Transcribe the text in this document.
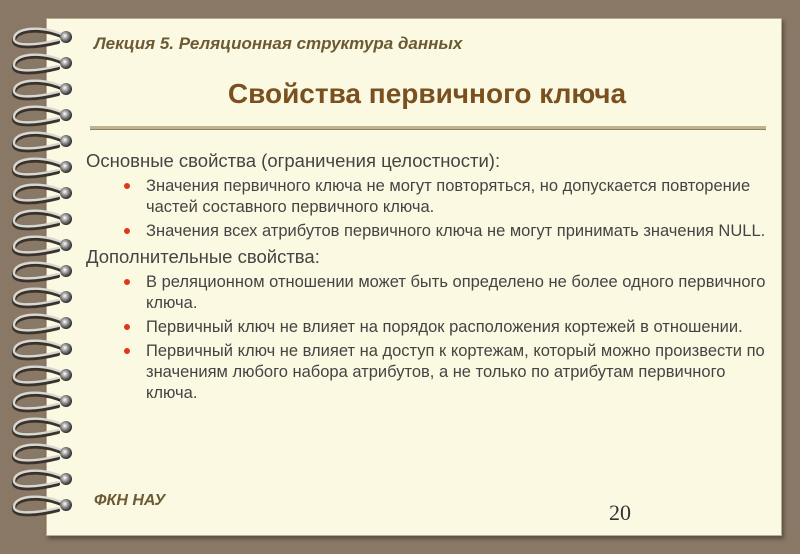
Лекция 5. Реляционная структура данных

Свойства первичного ключа

Основные свойства (ограничения целостности):

Значения первичного ключа не могут повторяться, но допускается повторение частей составного первичного ключа.
Значения всех атрибутов первичного ключа не могут принимать значения NULL.

Дополнительные свойства:

В реляционном отношении может быть определено не более одного первичного ключа.
Первичный ключ не влияет на порядок расположения кортежей в отношении.
Первичный ключ не влияет на доступ к кортежам, который можно произвести по значениям любого набора атрибутов, а не только по атрибутам первичного ключа.

ФКН НАУ	20
